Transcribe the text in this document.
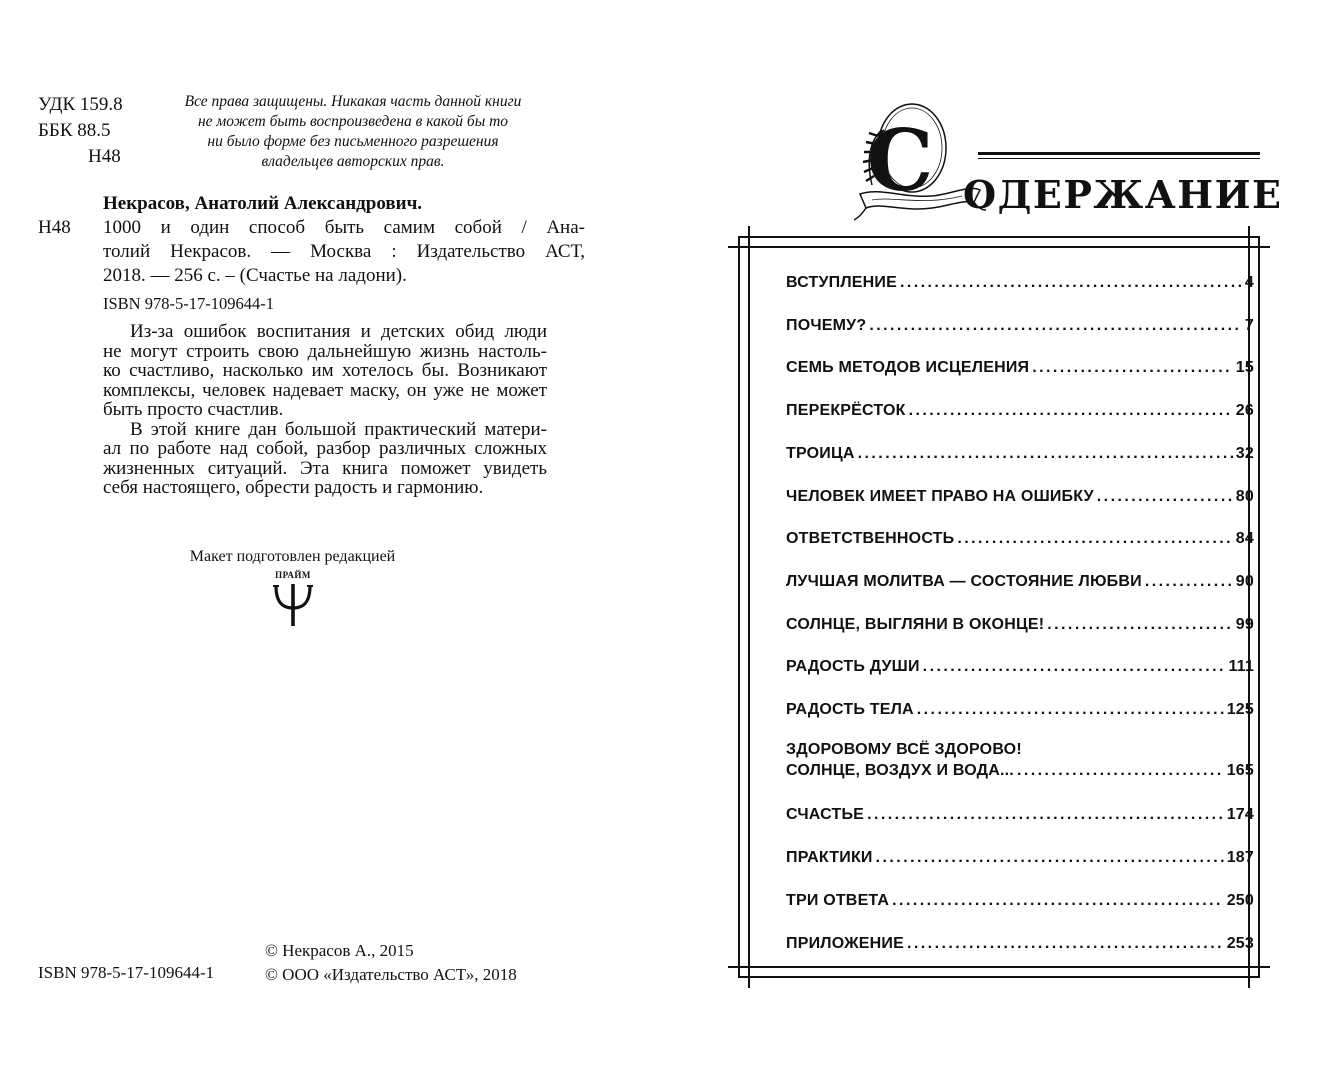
УДК 159.8
ББК 88.5
Н48
Все права защищены. Никакая часть данной книги
не может быть воспроизведена в какой бы то
ни было форме без письменного разрешения
владельцев авторских прав.
Некрасов, Анатолий Александрович.
Н48 1000 и один способ быть самим собой / Ана-
толий Некрасов. — Москва : Издательство АСТ,
2018. — 256 с. – (Счастье на ладони).
ISBN 978-5-17-109644-1
Из-за ошибок воспитания и детских обид люди
не могут строить свою дальнейшую жизнь настоль-
ко счастливо, насколько им хотелось бы. Возникают
комплексы, человек надевает маску, он уже не может
быть просто счастлив.
В этой книге дан большой практический матери-
ал по работе над собой, разбор различных сложных
жизненных ситуаций. Эта книга поможет увидеть
себя настоящего, обрести радость и гармонию.
Макет подготовлен редакцией
ПРАЙМ
© Некрасов А., 2015
© ООО «Издательство АСТ», 2018
ISBN 978-5-17-109644-1
С ОДЕРЖАНИЕ
ВСТУПЛЕНИЕ . . .	4
ПОЧЕМУ? . . .	7
СЕМЬ МЕТОДОВ ИСЦЕЛЕНИЯ . . .	15
ПЕРЕКРЁСТОК . . .	26
ТРОИЦА . . .	32
ЧЕЛОВЕК ИМЕЕТ ПРАВО НА ОШИБКУ . . .	80
ОТВЕТСТВЕННОСТЬ . . .	84
ЛУЧШАЯ МОЛИТВА — СОСТОЯНИЕ ЛЮБВИ . . .	90
СОЛНЦЕ, ВЫГЛЯНИ В ОКОНЦЕ! . . .	99
РАДОСТЬ ДУШИ . . .	111
РАДОСТЬ ТЕЛА . . .	125
ЗДОРОВОМУ ВСЁ ЗДОРОВО!
СОЛНЦЕ, ВОЗДУХ И ВОДА... . . .	165
СЧАСТЬЕ . . .	174
ПРАКТИКИ . . .	187
ТРИ ОТВЕТА . . .	250
ПРИЛОЖЕНИЕ . . .	253
